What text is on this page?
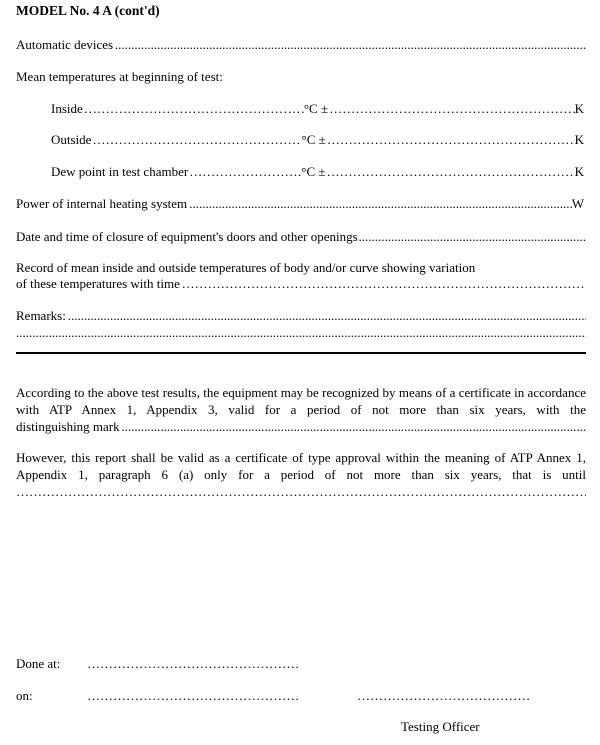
MODEL No. 4 A (cont'd)
Automatic devices
.....
Mean temperatures at beginning of test:
Inside …………………………………………………………………………………………………………………………………………………………………………………………	°C ± …………………………………………………………………………………………………………………………………………………………………………………………	K
Outside …………………………………………………………………………………………………………………………………………………………………………………………	°C ± …………………………………………………………………………………………………………………………………………………………………………………………	K
Dew point in test chamber …………………………………………………………………………………………………………………………………………………………………………………………	°C ± …………………………………………………………………………………………………………………………………………………………………………………………	K
Power of internal heating system .....	W
Date and time of closure of equipment's doors and other openings
.....
Record of mean inside and outside temperatures of body and/or curve showing variation
of these temperatures with time
…………………………………………………………………………………………………………………………………………………………………………………………
Remarks:
.....
.....
According to the above test results, the equipment may be recognized by means of a certificate in accordance with ATP Annex 1, Appendix 3, valid for a period of not more than six years, with the
distinguishing mark
.....
However, this report shall be valid as a certificate of type approval within the meaning of ATP Annex 1, Appendix 1, paragraph 6 (a) only for a period of not more than six years, that is until
…………………………………………………………………………………………………………………………………………………………………………………………
Done at:
…………………………………………………………………………………………………………………………………………………………………………………………
on:
…………………………………………………………………………………………………………………………………………………………………………………………
…………………………………………………………………………………………………………………………………………………………………………………………
Testing Officer
